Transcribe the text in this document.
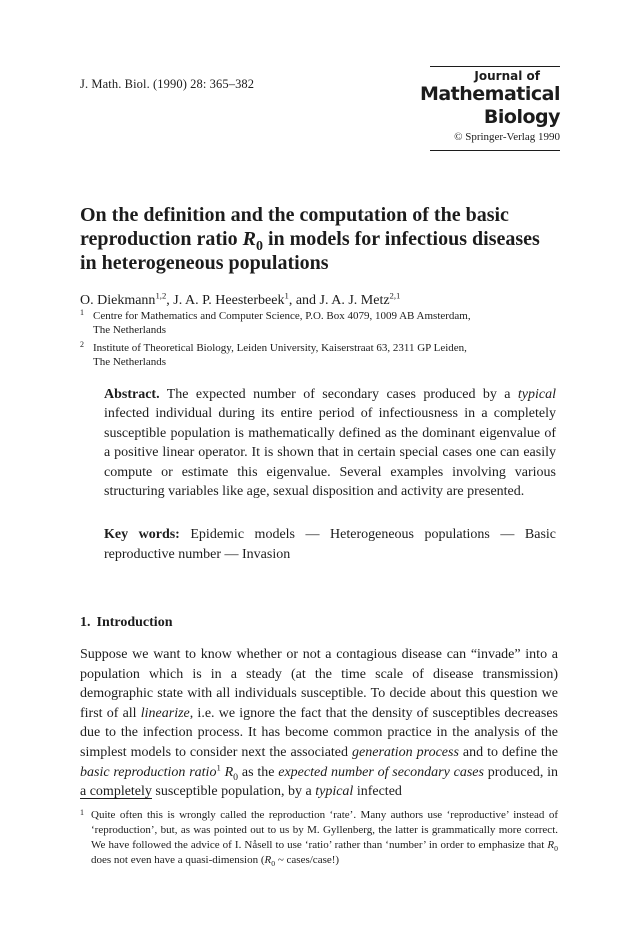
J. Math. Biol. (1990) 28: 365–382
Journal of
Mathematical
Biology
© Springer-Verlag 1990
On the definition and the computation of the basic
reproduction ratio $R_0$ in models for infectious diseases
in heterogeneous populations
O. Diekmann$^{1,2}$, J. A. P. Heesterbeek$^1$, and J. A. J. Metz$^{2,1}$
1 Centre for Mathematics and Computer Science, P.O. Box 4079, 1009 AB Amsterdam,
The Netherlands
2 Institute of Theoretical Biology, Leiden University, Kaiserstraat 63, 2311 GP Leiden,
The Netherlands

Abstract. The expected number of secondary cases produced by a typical infected individual during its entire period of infectiousness in a completely susceptible population is mathematically defined as the dominant eigenvalue of a positive linear operator. It is shown that in certain special cases one can easily compute or estimate this eigenvalue. Several examples involving various structuring variables like age, sexual disposition and activity are presented.

Key words: Epidemic models — Heterogeneous populations — Basic reproductive number — Invasion

1. Introduction

Suppose we want to know whether or not a contagious disease can “invade” into a population which is in a steady (at the time scale of disease transmission) demographic state with all individuals susceptible. To decide about this question we first of all linearize, i.e. we ignore the fact that the density of susceptibles decreases due to the infection process. It has become common practice in the analysis of the simplest models to consider next the associated generation process and to define the basic reproduction ratio$^1$ $R_0$ as the expected number of secondary cases produced, in a completely susceptible population, by a typical infected

1 Quite often this is wrongly called the reproduction ‘rate’. Many authors use ‘reproductive’ instead of ‘reproduction’, but, as was pointed out to us by M. Gyllenberg, the latter is grammatically more correct. We have followed the advice of I. Nåsell to use ‘ratio’ rather than ‘number’ in order to emphasize that $R_0$ does not even have a quasi-dimension ($R_0$ ~ cases/case!)
